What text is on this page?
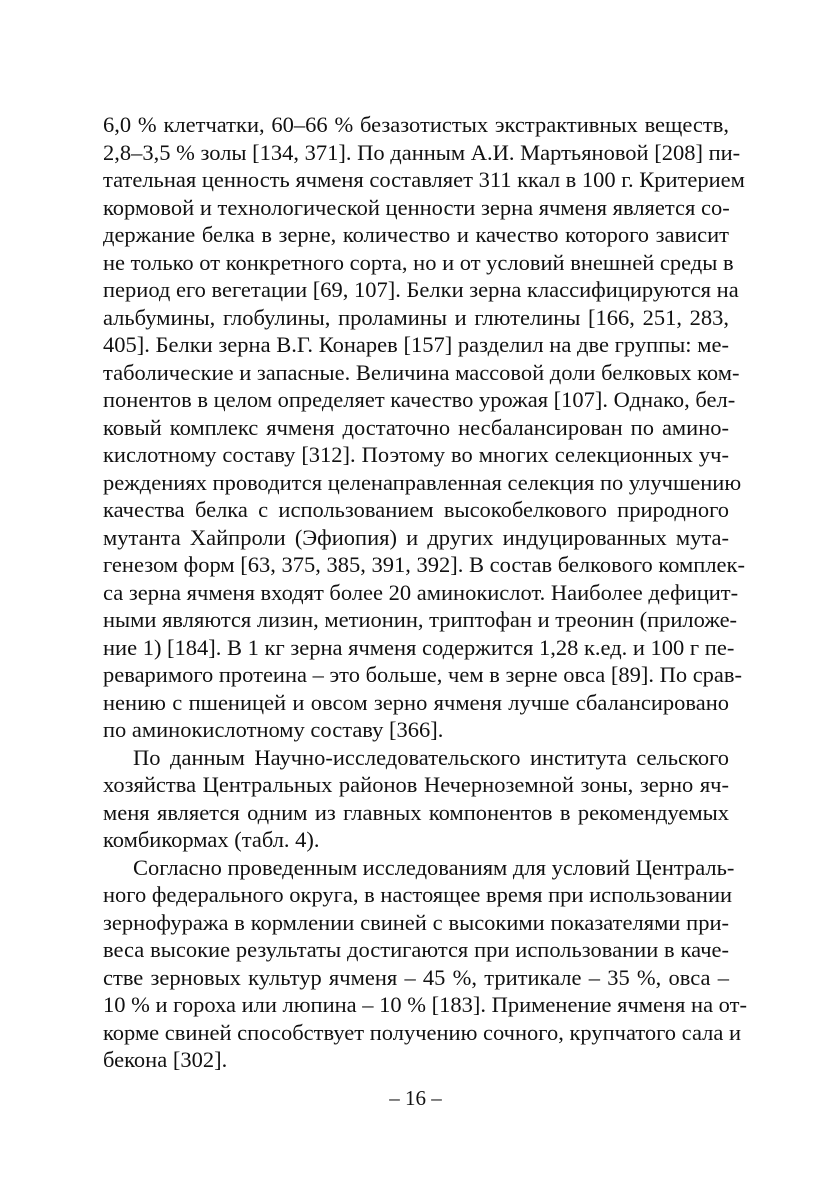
6,0 % клетчатки, 60–66 % безазотистых экстрактивных веществ,
2,8–3,5 % золы [134, 371]. По данным А.И. Мартьяновой [208] пи-
тательная ценность ячменя составляет 311 ккал в 100 г. Критерием
кормовой и технологической ценности зерна ячменя является со-
держание белка в зерне, количество и качество которого зависит
не только от конкретного сорта, но и от условий внешней среды в
период его вегетации [69, 107]. Белки зерна классифицируются на
альбумины, глобулины, проламины и глютелины [166, 251, 283,
405]. Белки зерна В.Г. Конарев [157] разделил на две группы: ме-
таболические и запасные. Величина массовой доли белковых ком-
понентов в целом определяет качество урожая [107]. Однако, бел-
ковый комплекс ячменя достаточно несбалансирован по амино-
кислотному составу [312]. Поэтому во многих селекционных уч-
реждениях проводится целенаправленная селекция по улучшению
качества белка с использованием высокобелкового природного
мутанта Хайпроли (Эфиопия) и других индуцированных мута-
генезом форм [63, 375, 385, 391, 392]. В состав белкового комплек-
са зерна ячменя входят более 20 аминокислот. Наиболее дефицит-
ными являются лизин, метионин, триптофан и треонин (приложе-
ние 1) [184]. В 1 кг зерна ячменя содержится 1,28 к.ед. и 100 г пе-
реваримого протеина – это больше, чем в зерне овса [89]. По срав-
нению с пшеницей и овсом зерно ячменя лучше сбалансировано
по аминокислотному составу [366].
По данным Научно-исследовательского института сельского
хозяйства Центральных районов Нечерноземной зоны, зерно яч-
меня является одним из главных компонентов в рекомендуемых
комбикормах (табл. 4).
Согласно проведенным исследованиям для условий Централь-
ного федерального округа, в настоящее время при использовании
зернофуража в кормлении свиней с высокими показателями при-
веса высокие результаты достигаются при использовании в каче-
стве зерновых культур ячменя – 45 %, тритикале – 35 %, овса –
10 % и гороха или люпина – 10 % [183]. Применение ячменя на от-
корме свиней способствует получению сочного, крупчатого сала и
бекона [302].
– 16 –
